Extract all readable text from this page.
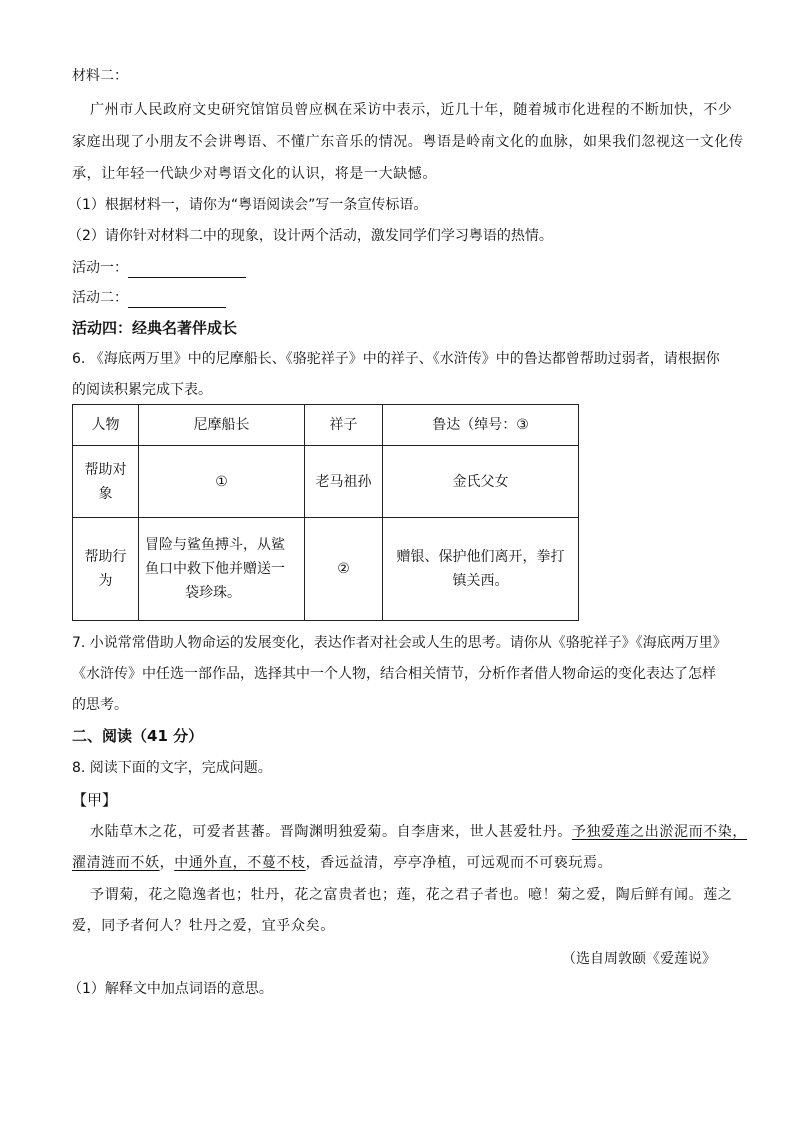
材料二：
广州市人民政府文史研究馆馆员曾应枫在采访中表示，近几十年，随着城市化进程的不断加快，不少
家庭出现了小朋友不会讲粤语、不懂广东音乐的情况。粤语是岭南文化的血脉，如果我们忽视这一文化传
承，让年轻一代缺少对粤语文化的认识，将是一大缺憾。
（1）根据材料一，请你为“粤语阅读会”写一条宣传标语。
（2）请你针对材料二中的现象，设计两个活动，激发同学们学习粤语的热情。
活动一：
活动二：
活动四：经典名著伴成长
6. 《海底两万里》中的尼摩船长、《骆驼祥子》中的祥子、《水浒传》中的鲁达都曾帮助过弱者，请根据你
的阅读积累完成下表。
人物	尼摩船长	祥子	鲁达（绰号：③
帮助对
象	①	老马祖孙	金氏父女
帮助行
为	冒险与鲨鱼搏斗，从鲨
鱼口中救下他并赠送一
袋珍珠。	②	赠银、保护他们离开，拳打
镇关西。
7. 小说常常借助人物命运的发展变化，表达作者对社会或人生的思考。请你从《骆驼祥子》《海底两万里》
《水浒传》中任选一部作品，选择其中一个人物，结合相关情节，分析作者借人物命运的变化表达了怎样
的思考。
二、阅读（41 分）
8. 阅读下面的文字，完成问题。
【甲】
水陆草木之花，可爱者甚蕃。晋陶渊明独爱菊。自李唐来，世人甚爱牡丹。予独爱莲之出淤泥而不染，
濯清涟而不妖，中通外直，不蔓不枝，香远益清，亭亭净植，可远观而不可亵玩焉。
予谓菊，花之隐逸者也；牡丹，花之富贵者也；莲，花之君子者也。噫！菊之爱，陶后鲜有闻。莲之
爱，同予者何人？牡丹之爱，宜乎众矣。
（选自周敦颐《爱莲说》
（1）解释文中加点词语的意思。
